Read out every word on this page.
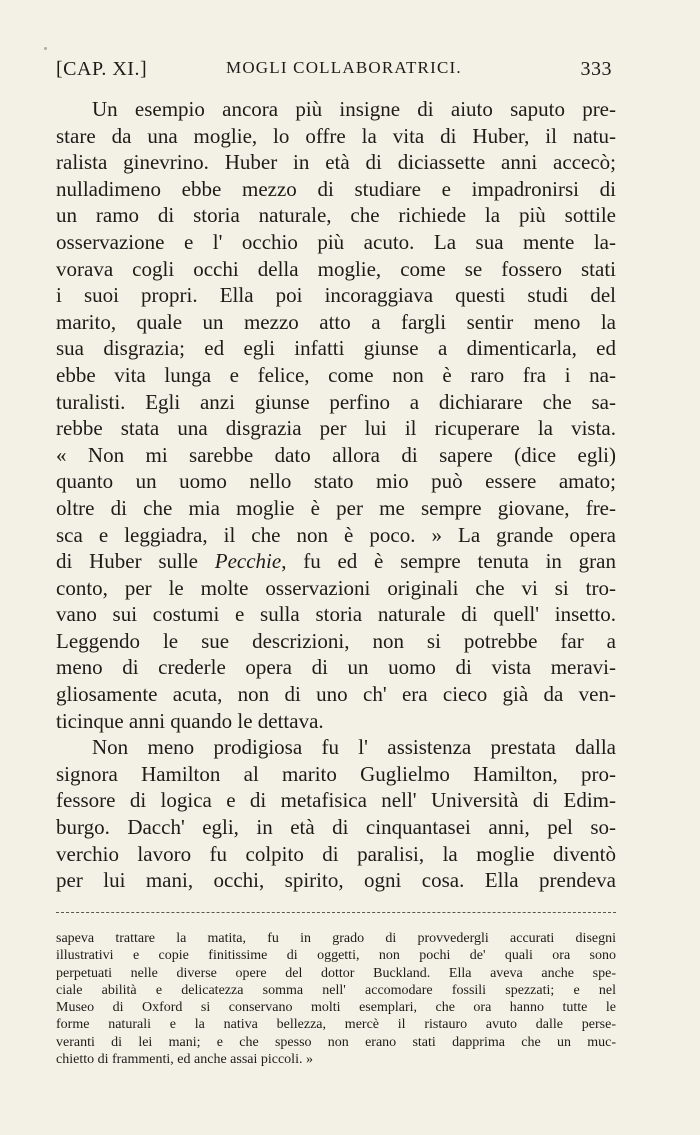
[CAP. XI.]	MOGLI COLLABORATRICI.	333
Un esempio ancora più insigne di aiuto saputo pre-
stare da una moglie, lo offre la vita di Huber, il natu-
ralista ginevrino. Huber in età di diciassette anni accecò;
nulladimeno ebbe mezzo di studiare e impadronirsi di
un ramo di storia naturale, che richiede la più sottile
osservazione e l' occhio più acuto. La sua mente la-
vorava cogli occhi della moglie, come se fossero stati
i suoi propri. Ella poi incoraggiava questi studi del
marito, quale un mezzo atto a fargli sentir meno la
sua disgrazia; ed egli infatti giunse a dimenticarla, ed
ebbe vita lunga e felice, come non è raro fra i na-
turalisti. Egli anzi giunse perfino a dichiarare che sa-
rebbe stata una disgrazia per lui il ricuperare la vista.
« Non mi sarebbe dato allora di sapere (dice egli)
quanto un uomo nello stato mio può essere amato;
oltre di che mia moglie è per me sempre giovane, fre-
sca e leggiadra, il che non è poco. » La grande opera
di Huber sulle Pecchie, fu ed è sempre tenuta in gran
conto, per le molte osservazioni originali che vi si tro-
vano sui costumi e sulla storia naturale di quell' insetto.
Leggendo le sue descrizioni, non si potrebbe far a
meno di crederle opera di un uomo di vista meravi-
gliosamente acuta, non di uno ch' era cieco già da ven-
ticinque anni quando le dettava.
Non meno prodigiosa fu l' assistenza prestata dalla
signora Hamilton al marito Guglielmo Hamilton, pro-
fessore di logica e di metafisica nell' Università di Edim-
burgo. Dacch' egli, in età di cinquantasei anni, pel so-
verchio lavoro fu colpito di paralisi, la moglie diventò
per lui mani, occhi, spirito, ogni cosa. Ella prendeva
sapeva trattare la matita, fu in grado di provvedergli accurati disegni
illustrativi e copie finitissime di oggetti, non pochi de' quali ora sono
perpetuati nelle diverse opere del dottor Buckland. Ella aveva anche spe-
ciale abilità e delicatezza somma nell' accomodare fossili spezzati; e nel
Museo di Oxford si conservano molti esemplari, che ora hanno tutte le
forme naturali e la nativa bellezza, mercè il ristauro avuto dalle perse-
veranti di lei mani; e che spesso non erano stati dapprima che un muc-
chietto di frammenti, ed anche assai piccoli. »
